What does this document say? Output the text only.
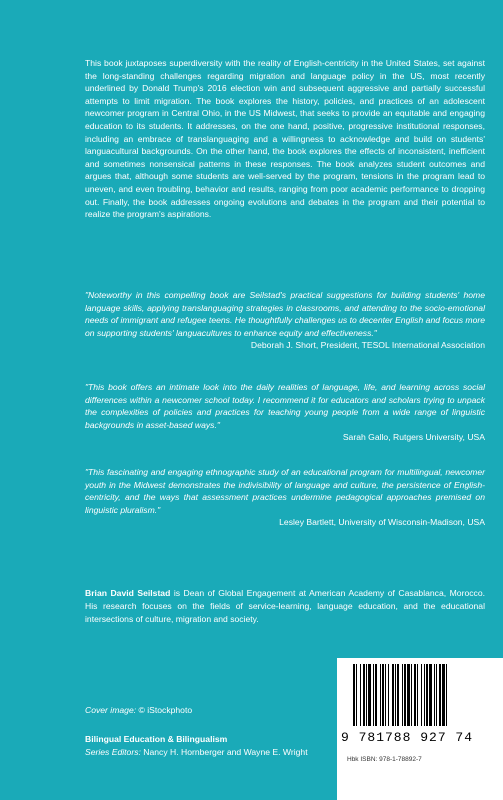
This book juxtaposes superdiversity with the reality of English-centricity in the United States, set against the long-standing challenges regarding migration and language policy in the US, most recently underlined by Donald Trump's 2016 election win and subsequent aggressive and partially successful attempts to limit migration. The book explores the history, policies, and practices of an adolescent newcomer program in Central Ohio, in the US Midwest, that seeks to provide an equitable and engaging education to its students. It addresses, on the one hand, positive, progressive institutional responses, including an embrace of translanguaging and a willingness to acknowledge and build on students' languacultural backgrounds. On the other hand, the book explores the effects of inconsistent, inefficient and sometimes nonsensical patterns in these responses. The book analyzes student outcomes and argues that, although some students are well-served by the program, tensions in the program lead to uneven, and even troubling, behavior and results, ranging from poor academic performance to dropping out. Finally, the book addresses ongoing evolutions and debates in the program and their potential to realize the program's aspirations.

"Noteworthy in this compelling book are Seilstad's practical suggestions for building students' home language skills, applying translanguaging strategies in classrooms, and attending to the socio-emotional needs of immigrant and refugee teens. He thoughtfully challenges us to decenter English and focus more on supporting students' languacultures to enhance equity and effectiveness."

Deborah J. Short, President, TESOL International Association

"This book offers an intimate look into the daily realities of language, life, and learning across social differences within a newcomer school today. I recommend it for educators and scholars trying to unpack the complexities of policies and practices for teaching young people from a wide range of linguistic backgrounds in asset-based ways."

Sarah Gallo, Rutgers University, USA

"This fascinating and engaging ethnographic study of an educational program for multilingual, newcomer youth in the Midwest demonstrates the indivisibility of language and culture, the persistence of English-centricity, and the ways that assessment practices undermine pedagogical approaches premised on linguistic pluralism."

Lesley Bartlett, University of Wisconsin-Madison, USA

Brian David Seilstad is Dean of Global Engagement at American Academy of Casablanca, Morocco. His research focuses on the fields of service-learning, language education, and the educational intersections of culture, migration and society.

Cover image: © iStockphoto

Bilingual Education & Bilingualism
Series Editors: Nancy H. Hornberger and Wayne E. Wright
9 781788 927 74
Hbk ISBN: 978-1-78892-7
